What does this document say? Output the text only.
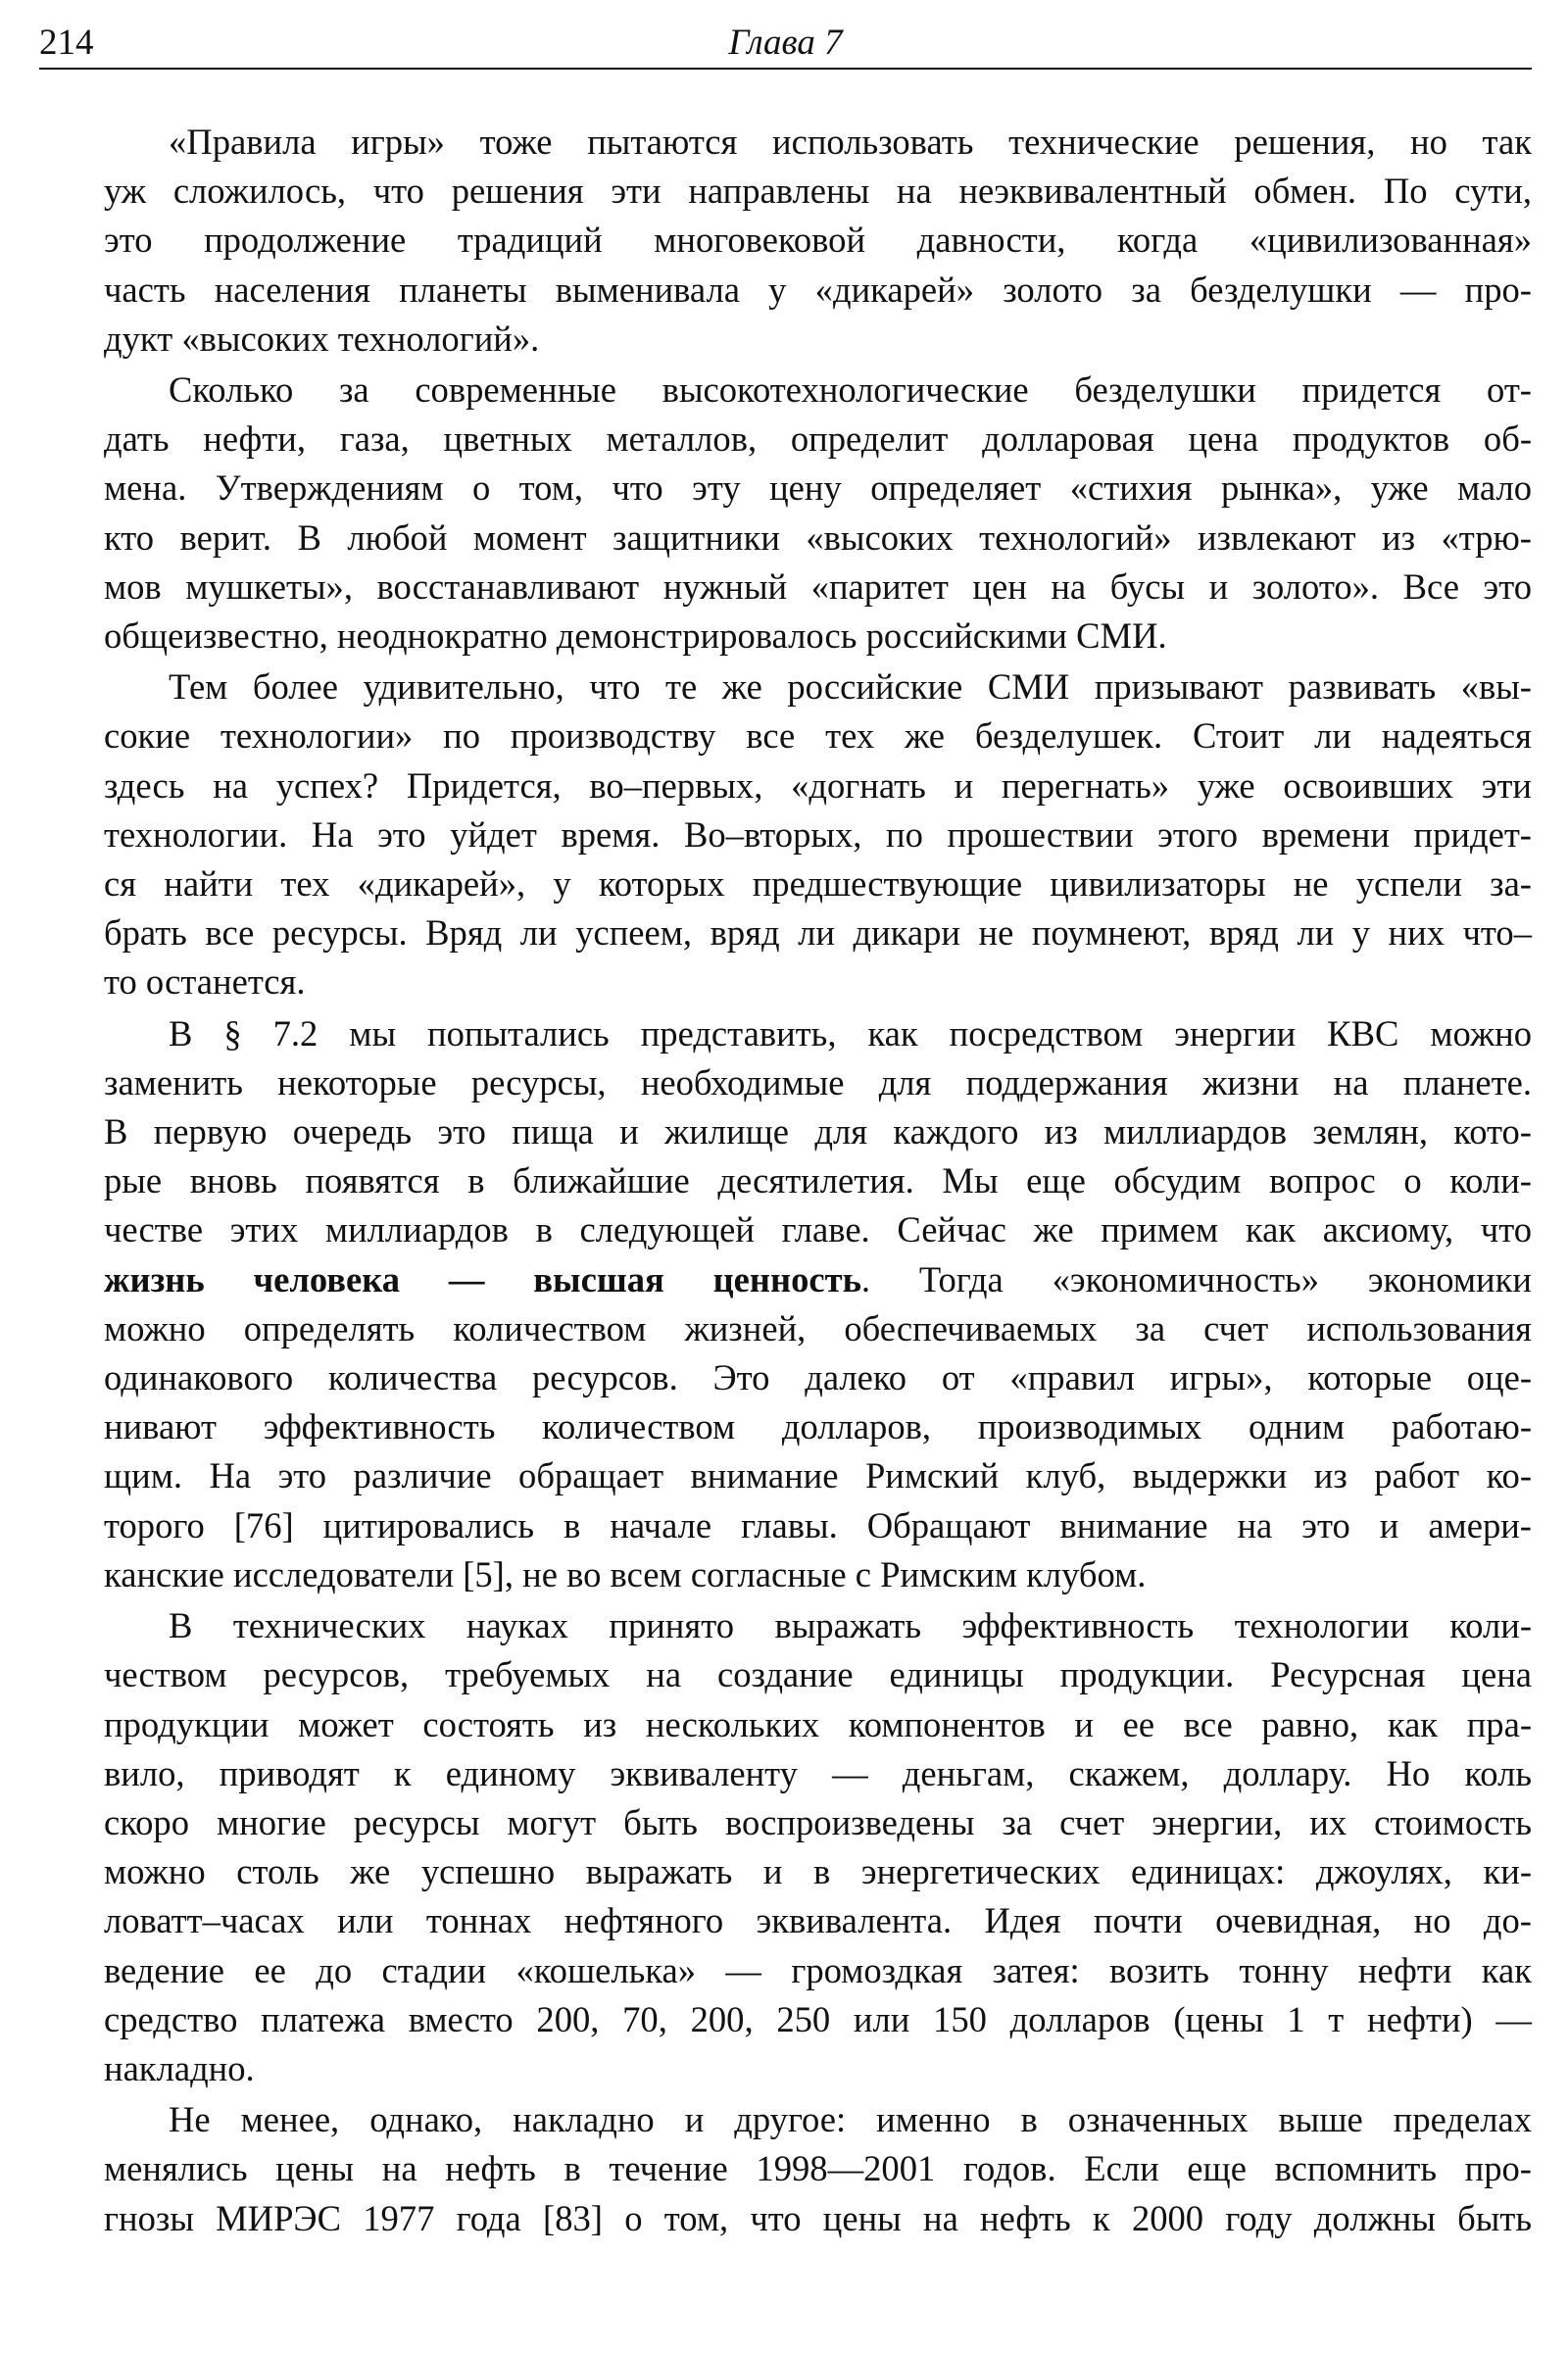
214	Глава 7

«Правила игры» тоже пытаются использовать технические решения, но так
уж сложилось, что решения эти направлены на неэквивалентный обмен. По сути,
это продолжение традиций многовековой давности, когда «цивилизованная»
часть населения планеты выменивала у «дикарей» золото за безделушки — про-
дукт «высоких технологий».

Сколько за современные высокотехнологические безделушки придется от-
дать нефти, газа, цветных металлов, определит долларовая цена продуктов об-
мена. Утверждениям о том, что эту цену определяет «стихия рынка», уже мало
кто верит. В любой момент защитники «высоких технологий» извлекают из «трю-
мов мушкеты», восстанавливают нужный «паритет цен на бусы и золото». Все это
общеизвестно, неоднократно демонстрировалось российскими СМИ.

Тем более удивительно, что те же российские СМИ призывают развивать «вы-
сокие технологии» по производству все тех же безделушек. Стоит ли надеяться
здесь на успех? Придется, во–первых, «догнать и перегнать» уже освоивших эти
технологии. На это уйдет время. Во–вторых, по прошествии этого времени придет-
ся найти тех «дикарей», у которых предшествующие цивилизаторы не успели за-
брать все ресурсы. Вряд ли успеем, вряд ли дикари не поумнеют, вряд ли у них что–
то останется.

В § 7.2 мы попытались представить, как посредством энергии КВС можно
заменить некоторые ресурсы, необходимые для поддержания жизни на планете.
В первую очередь это пища и жилище для каждого из миллиардов землян, кото-
рые вновь появятся в ближайшие десятилетия. Мы еще обсудим вопрос о коли-
честве этих миллиардов в следующей главе. Сейчас же примем как аксиому, что
жизнь человека — высшая ценность. Тогда «экономичность» экономики
можно определять количеством жизней, обеспечиваемых за счет использования
одинакового количества ресурсов. Это далеко от «правил игры», которые оце-
нивают эффективность количеством долларов, производимых одним работаю-
щим. На это различие обращает внимание Римский клуб, выдержки из работ ко-
торого [76] цитировались в начале главы. Обращают внимание на это и амери-
канские исследователи [5], не во всем согласные с Римским клубом.

В технических науках принято выражать эффективность технологии коли-
чеством ресурсов, требуемых на создание единицы продукции. Ресурсная цена
продукции может состоять из нескольких компонентов и ее все равно, как пра-
вило, приводят к единому эквиваленту — деньгам, скажем, доллару. Но коль
скоро многие ресурсы могут быть воспроизведены за счет энергии, их стоимость
можно столь же успешно выражать и в энергетических единицах: джоулях, ки-
ловатт–часах или тоннах нефтяного эквивалента. Идея почти очевидная, но до-
ведение ее до стадии «кошелька» — громоздкая затея: возить тонну нефти как
средство платежа вместо 200, 70, 200, 250 или 150 долларов (цены 1 т нефти) —
накладно.

Не менее, однако, накладно и другое: именно в означенных выше пределах
менялись цены на нефть в течение 1998—2001 годов. Если еще вспомнить про-
гнозы МИРЭС 1977 года [83] о том, что цены на нефть к 2000 году должны быть
